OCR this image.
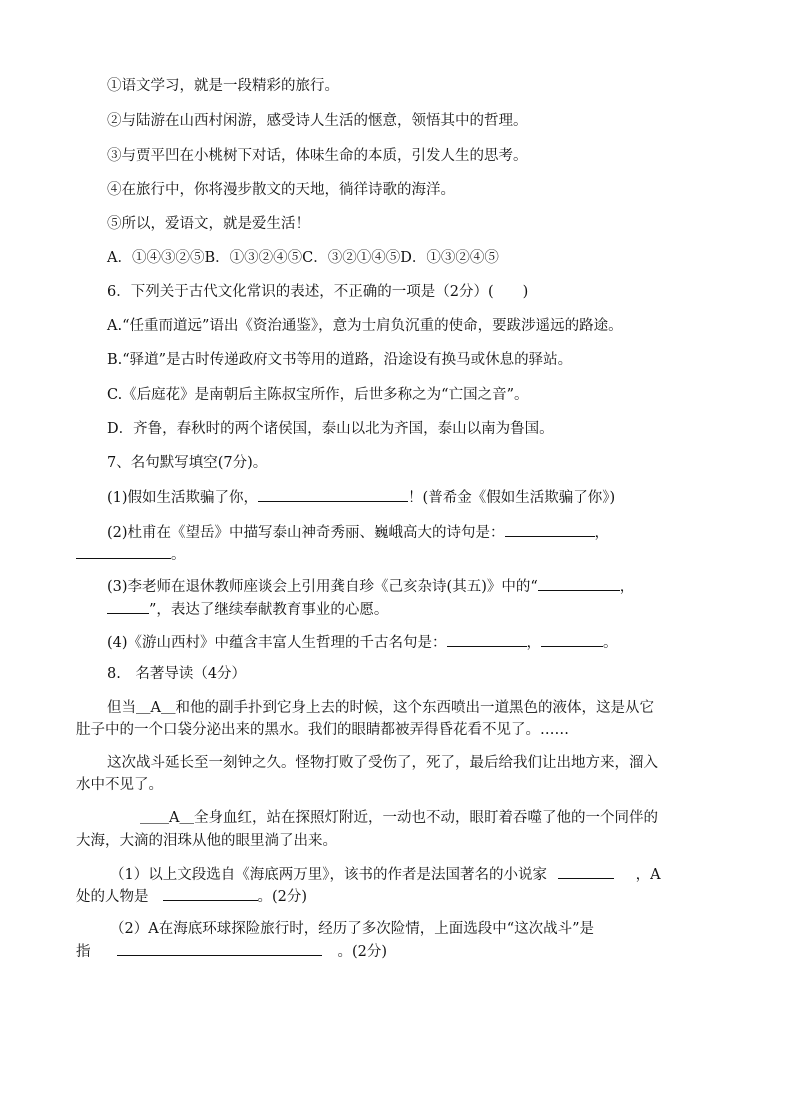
①语文学习，就是一段精彩的旅行。
②与陆游在山西村闲游，感受诗人生活的惬意，领悟其中的哲理。
③与贾平凹在小桃树下对话，体味生命的本质，引发人生的思考。
④在旅行中，你将漫步散文的天地，徜徉诗歌的海洋。
⑤所以，爱语文，就是爱生活！
A．①④③②⑤B．①③②④⑤C．③②①④⑤D．①③②④⑤
6．下列关于古代文化常识的表述，不正确的一项是（2分）(　　)
A.“任重而道远”语出《资治通鉴》，意为士肩负沉重的使命，要跋涉遥远的路途。
B.“驿道”是古时传递政府文书等用的道路，沿途设有换马或休息的驿站。
C.《后庭花》是南朝后主陈叔宝所作，后世多称之为“亡国之音”。
D．齐鲁，春秋时的两个诸侯国，泰山以北为齐国，泰山以南为鲁国。
7、名句默写填空(7分)。
(1)假如生活欺骗了你，	！(普希金《假如生活欺骗了你》)
(2)杜甫在《望岳》中描写泰山神奇秀丽、巍峨高大的诗句是：	，
。
(3)李老师在退休教师座谈会上引用龚自珍《己亥杂诗(其五)》中的“	，
”，表达了继续奉献教育事业的心愿。
(4)《游山西村》中蕴含丰富人生哲理的千古名句是：	，	。
8.　名著导读（4分）
但当＿A＿和他的副手扑到它身上去的时候，这个东西喷出一道黑色的液体，这是从它
肚子中的一个口袋分泌出来的黑水。我们的眼睛都被弄得昏花看不见了。……
这次战斗延长至一刻钟之久。怪物打败了受伤了，死了，最后给我们让出地方来，溜入
水中不见了。
＿＿A＿全身血红，站在探照灯附近，一动也不动，眼盯着吞噬了他的一个同伴的
大海，大滴的泪珠从他的眼里淌了出来。
（1）以上文段选自《海底两万里》，该书的作者是法国著名的小说家	，A
处的人物是	。(2分)
（2）A在海底环球探险旅行时，经历了多次险情，上面选段中“这次战斗”是
指	。(2分)
